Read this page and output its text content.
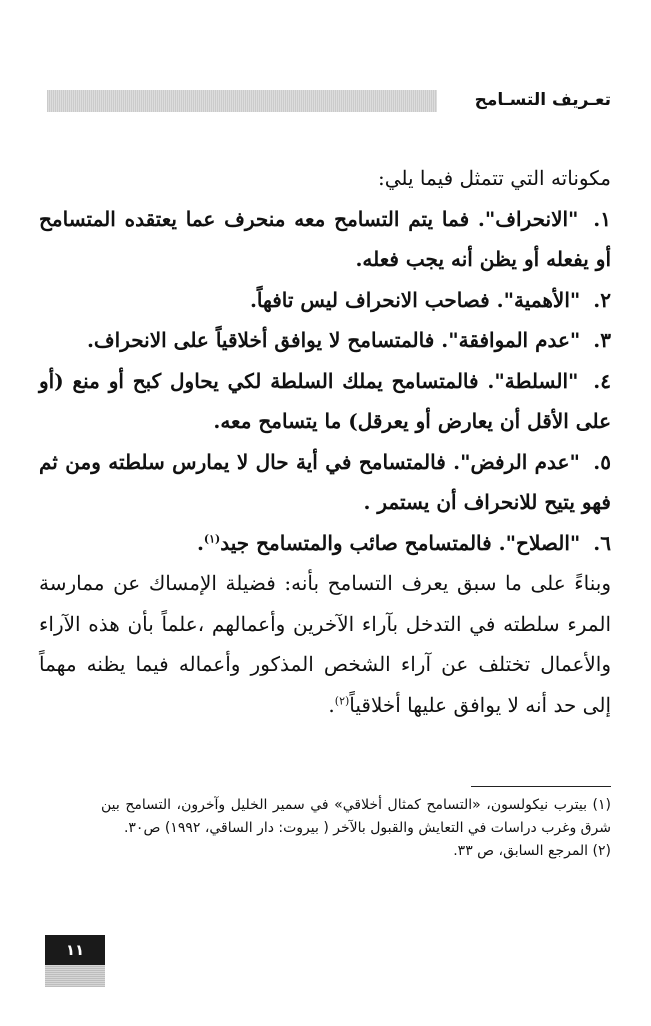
تعـريف التسـامح

مكوناته التي تتمثل فيما يلي:

١. "الانحراف". فما يتم التسامح معه منحرف عما يعتقده المتسامح أو يفعله أو يظن أنه يجب فعله.

٢. "الأهمية". فصاحب الانحراف ليس تافهاً.

٣. "عدم الموافقة". فالمتسامح لا يوافق أخلاقياً على الانحراف.

٤. "السلطة". فالمتسامح يملك السلطة لكي يحاول كبح أو منع (أو على الأقل أن يعارض أو يعرقل) ما يتسامح معه.

٥. "عدم الرفض". فالمتسامح في أية حال لا يمارس سلطته ومن ثم فهو يتيح للانحراف أن يستمر .

٦. "الصلاح". فالمتسامح صائب والمتسامح جيد$^{(١)}$.

وبناءً على ما سبق يعرف التسامح بأنه: فضيلة الإمساك عن ممارسة المرء سلطته في التدخل بآراء الآخرين وأعمالهم ،علماً بأن هذه الآراء والأعمال تختلف عن آراء الشخص المذكور وأعماله فيما يظنه مهماً إلى حد أنه لا يوافق عليها أخلاقياً$^{(٢)}$.

(١) بيترب نيكولسون، «التسامح كمثال أخلاقي» في سمير الخليل وآخرون، التسامح بين شرق وغرب دراسات في التعايش والقبول بالآخر ( بيروت: دار الساقي، ١٩٩٢) ص٣٠.

(٢) المرجع السابق، ص ٣٣.

١١
